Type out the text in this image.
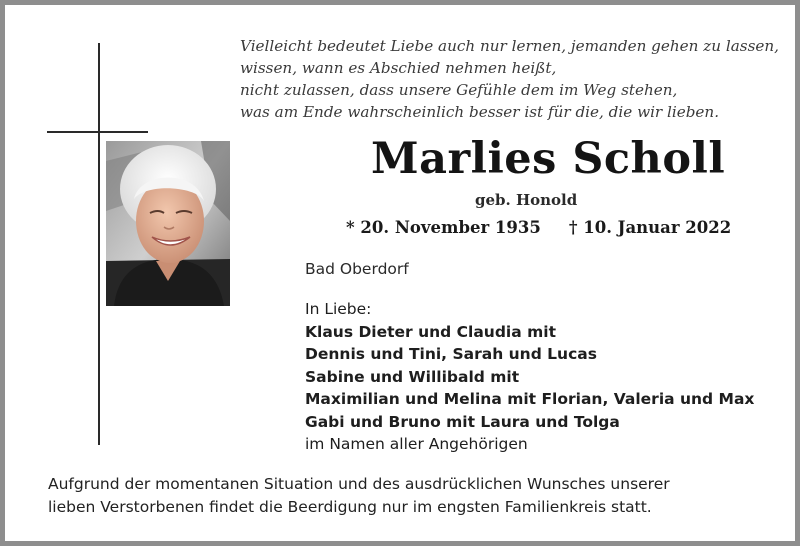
Vielleicht bedeutet Liebe auch nur lernen, jemanden gehen zu lassen,
wissen, wann es Abschied nehmen heißt,
nicht zulassen, dass unsere Gefühle dem im Weg stehen,
was am Ende wahrscheinlich besser ist für die, die wir lieben.
Marlies Scholl
geb. Honold
* 20. November 1935 † 10. Januar 2022
Bad Oberdorf
In Liebe:
Klaus Dieter und Claudia mit
Dennis und Tini, Sarah und Lucas
Sabine und Willibald mit
Maximilian und Melina mit Florian, Valeria und Max
Gabi und Bruno mit Laura und Tolga
im Namen aller Angehörigen
Aufgrund der momentanen Situation und des ausdrücklichen Wunsches unserer
lieben Verstorbenen findet die Beerdigung nur im engsten Familienkreis statt.
